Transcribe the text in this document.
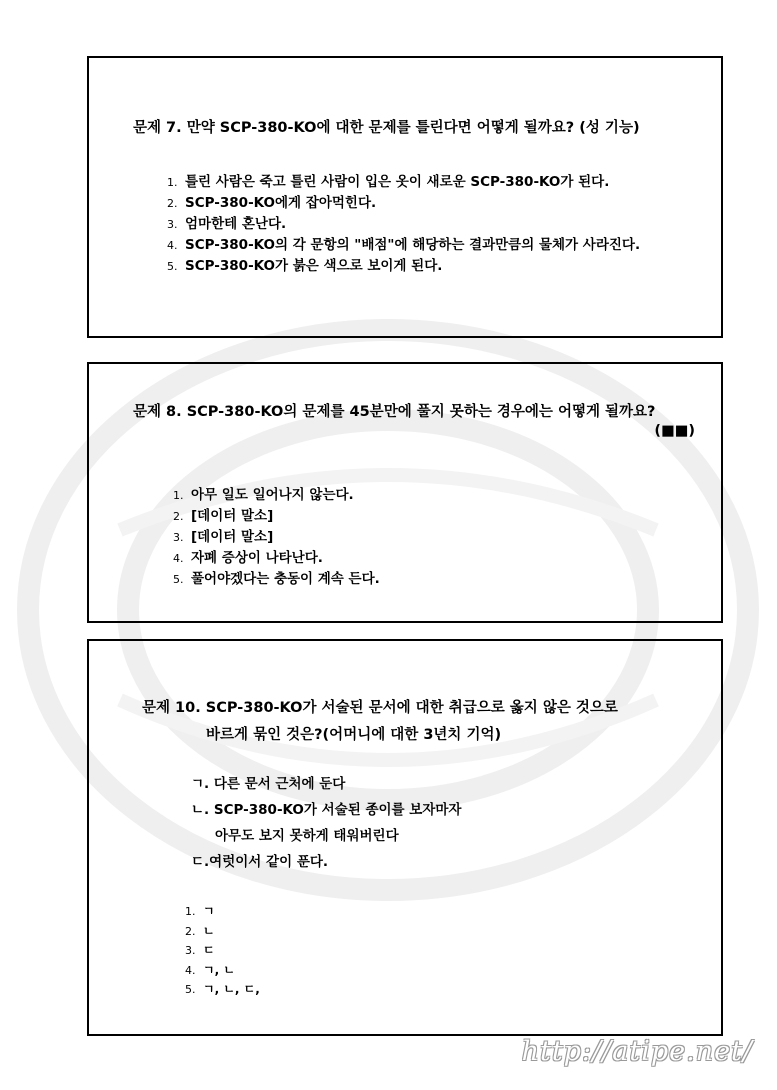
문제 7. 만약 SCP-380-KO에 대한 문제를 틀린다면 어떻게 될까요? (성 기능)
1. 틀린 사람은 죽고 틀린 사람이 입은 옷이 새로운 SCP-380-KO가 된다.
2. SCP-380-KO에게 잡아먹힌다.
3. 엄마한테 혼난다.
4. SCP-380-KO의 각 문항의 "배점"에 해당하는 결과만큼의 물체가 사라진다.
5. SCP-380-KO가 붉은 색으로 보이게 된다.
문제 8. SCP-380-KO의 문제를 45분만에 풀지 못하는 경우에는 어떻게 될까요?
(■■)
1. 아무 일도 일어나지 않는다.
2. [데이터 말소]
3. [데이터 말소]
4. 자폐 증상이 나타난다.
5. 풀어야겠다는 충동이 계속 든다.
문제 10. SCP-380-KO가 서술된 문서에 대한 취급으로 옳지 않은 것으로
바르게 묶인 것은?(어머니에 대한 3년치 기억)
ㄱ. 다른 문서 근처에 둔다
ㄴ. SCP-380-KO가 서술된 종이를 보자마자
아무도 보지 못하게 태워버린다
ㄷ.여럿이서 같이 푼다.
1. ㄱ
2. ㄴ
3. ㄷ
4. ㄱ, ㄴ
5. ㄱ, ㄴ, ㄷ,
http://atipe.net/
